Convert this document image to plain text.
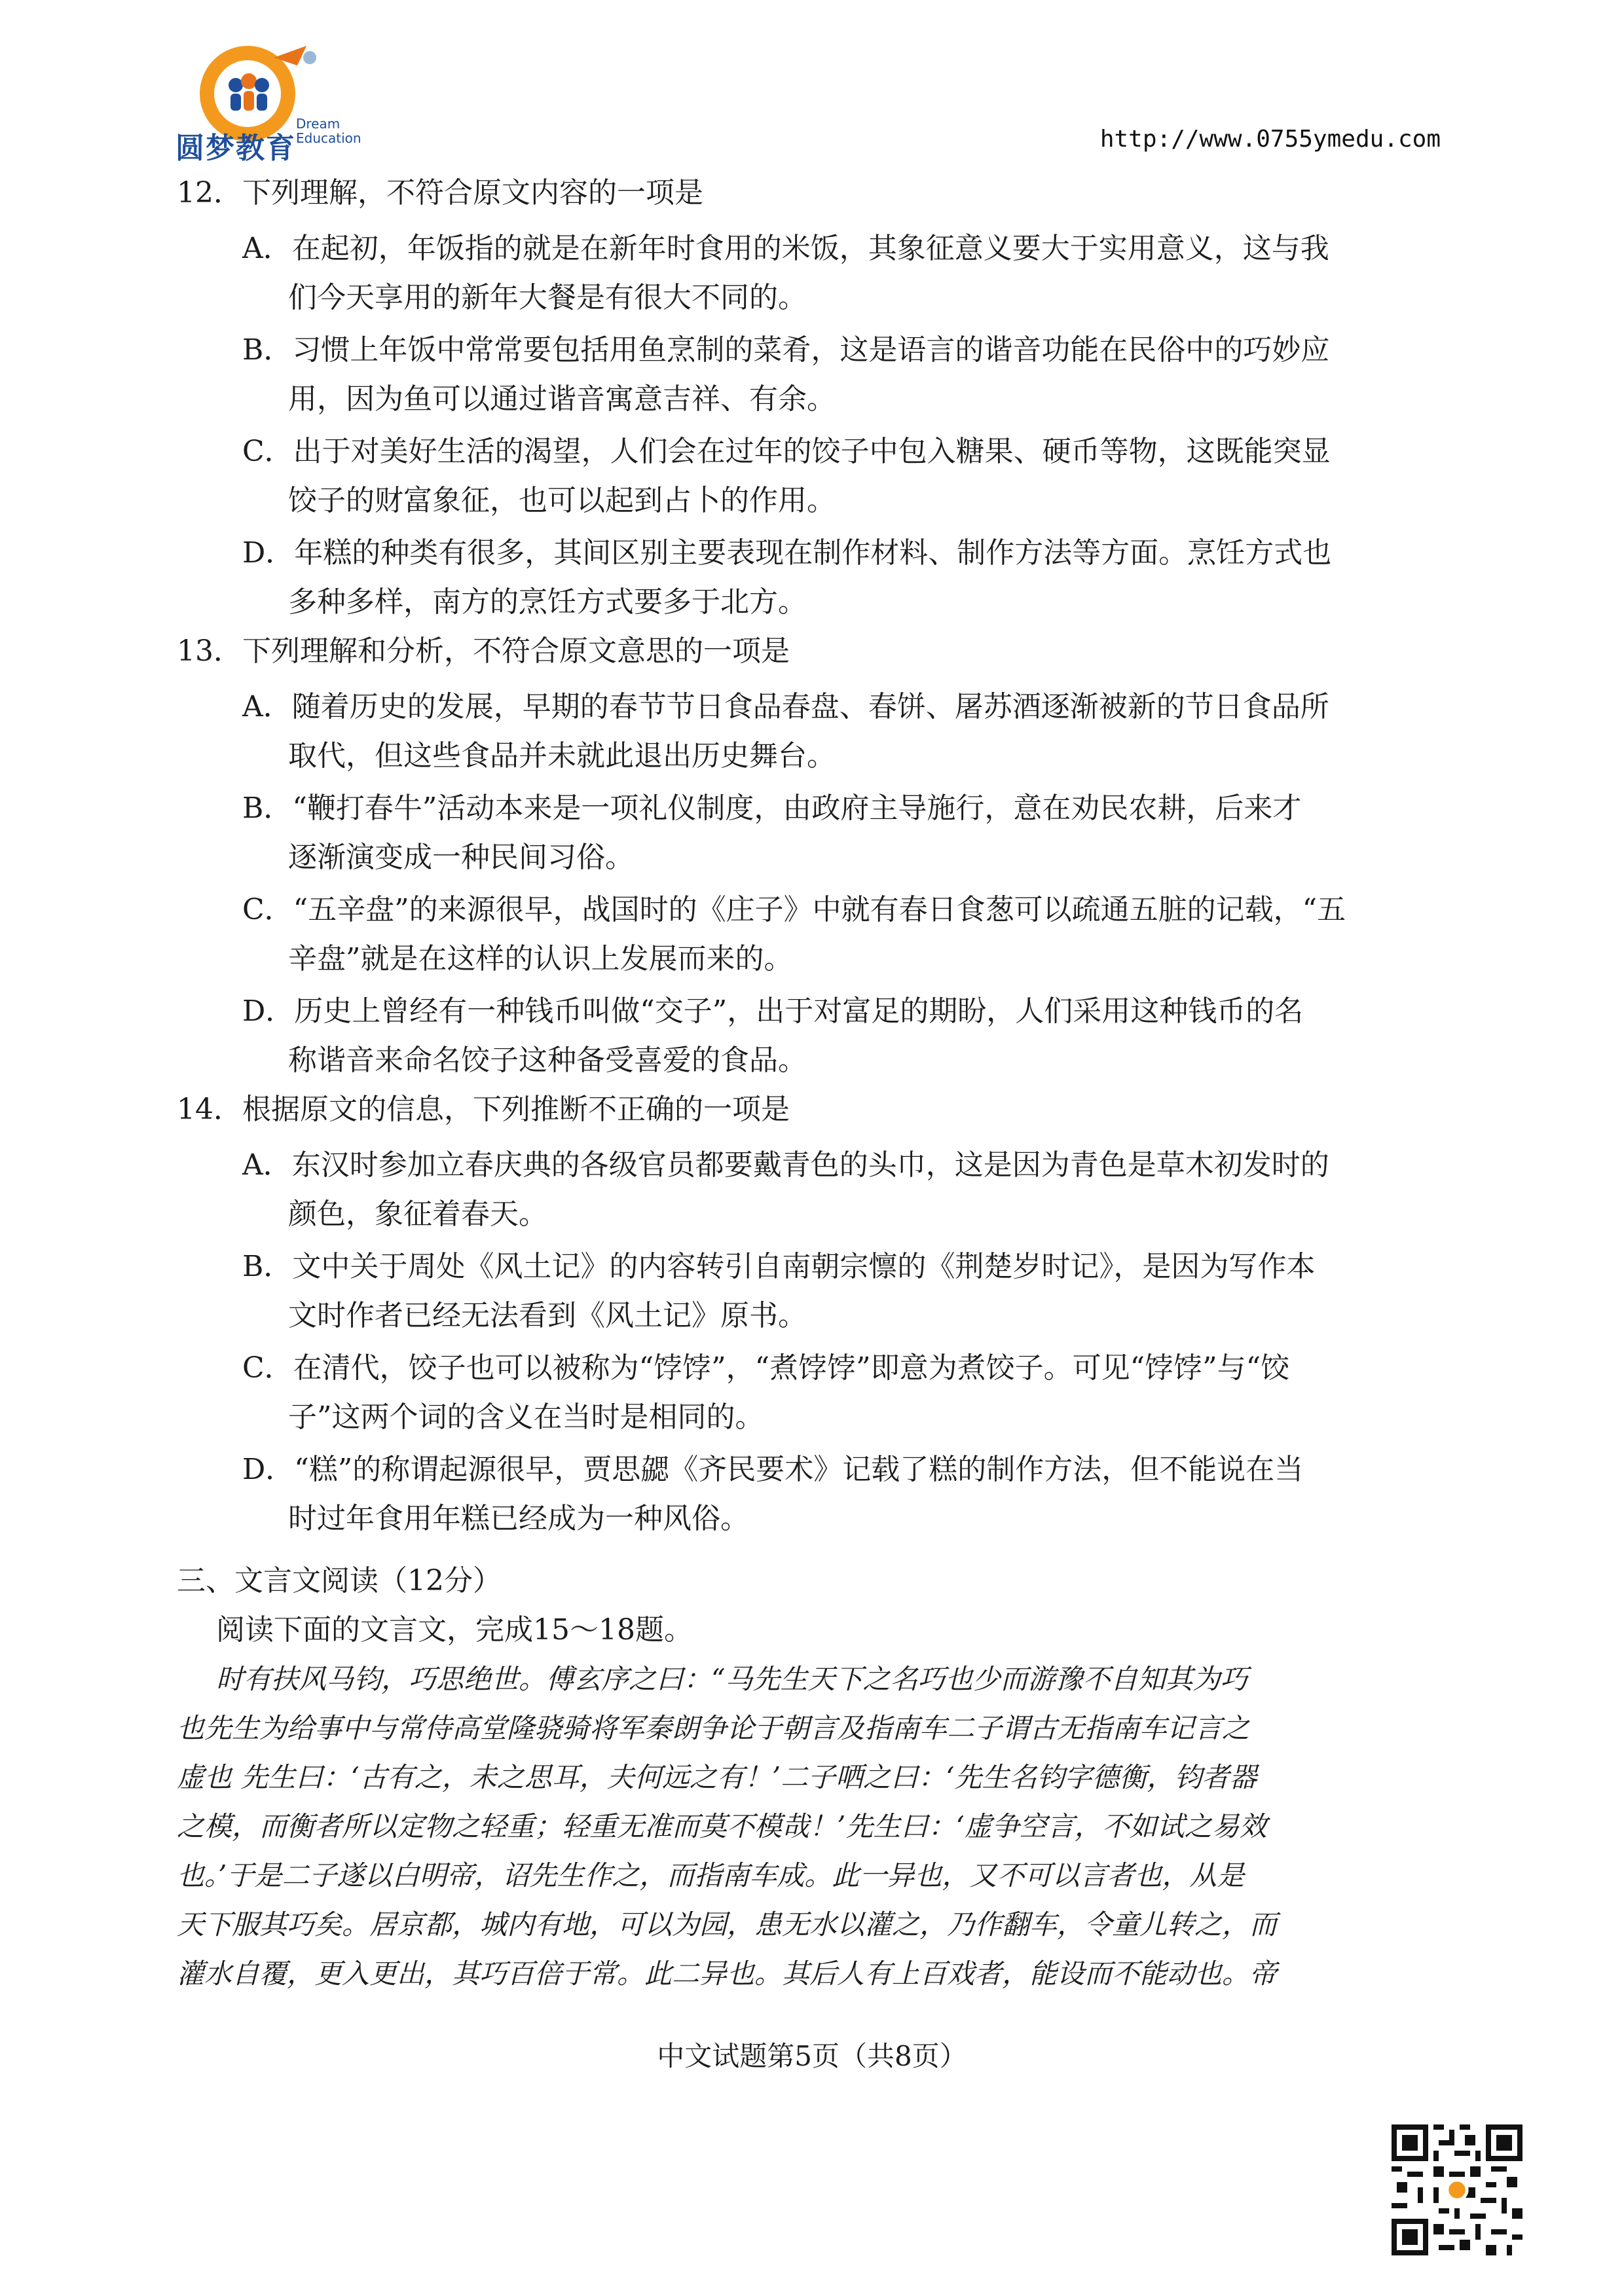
圆梦教育
Dream
Education	http://www.0755ymedu.com
12．下列理解，不符合原文内容的一项是
A．在起初，年饭指的就是在新年时食用的米饭，其象征意义要大于实用意义，这与我
们今天享用的新年大餐是有很大不同的。
B．习惯上年饭中常常要包括用鱼烹制的菜肴，这是语言的谐音功能在民俗中的巧妙应
用，因为鱼可以通过谐音寓意吉祥、有余。
C．出于对美好生活的渴望，人们会在过年的饺子中包入糖果、硬币等物，这既能突显
饺子的财富象征，也可以起到占卜的作用。
D．年糕的种类有很多，其间区别主要表现在制作材料、制作方法等方面。烹饪方式也
多种多样，南方的烹饪方式要多于北方。
13．下列理解和分析，不符合原文意思的一项是
A．随着历史的发展，早期的春节节日食品春盘、春饼、屠苏酒逐渐被新的节日食品所
取代，但这些食品并未就此退出历史舞台。
B．“鞭打春牛”活动本来是一项礼仪制度，由政府主导施行，意在劝民农耕，后来才
逐渐演变成一种民间习俗。
C．“五辛盘”的来源很早，战国时的《庄子》中就有春日食葱可以疏通五脏的记载，“五
辛盘”就是在这样的认识上发展而来的。
D．历史上曾经有一种钱币叫做“交子”，出于对富足的期盼，人们采用这种钱币的名
称谐音来命名饺子这种备受喜爱的食品。
14．根据原文的信息，下列推断不正确的一项是
A．东汉时参加立春庆典的各级官员都要戴青色的头巾，这是因为青色是草木初发时的
颜色，象征着春天。
B．文中关于周处《风土记》的内容转引自南朝宗懔的《荆楚岁时记》，是因为写作本
文时作者已经无法看到《风土记》原书。
C．在清代，饺子也可以被称为“饽饽”，“煮饽饽”即意为煮饺子。可见“饽饽”与“饺
子”这两个词的含义在当时是相同的。
D．“糕”的称谓起源很早，贾思勰《齐民要术》记载了糕的制作方法，但不能说在当
时过年食用年糕已经成为一种风俗。
三、文言文阅读（12分）
阅读下面的文言文，完成15～18题。
时有扶风马钧，巧思绝世。傅玄序之曰：“马先生天下之名巧也少而游豫不自知其为巧
也先生为给事中与常侍高堂隆骁骑将军秦朗争论于朝言及指南车二子谓古无指南车记言之
虚也 先生曰：‘古有之，未之思耳，夫何远之有！’二子哂之曰：‘先生名钧字德衡，钧者器
之模，而衡者所以定物之轻重；轻重无准而莫不模哉！’先生曰：‘虚争空言，不如试之易效
也。’于是二子遂以白明帝，诏先生作之，而指南车成。此一异也，又不可以言者也，从是
天下服其巧矣。居京都，城内有地，可以为园，患无水以灌之，乃作翻车，令童儿转之，而
灌水自覆，更入更出，其巧百倍于常。此二异也。其后人有上百戏者，能设而不能动也。帝
中文试题第5页（共8页）
